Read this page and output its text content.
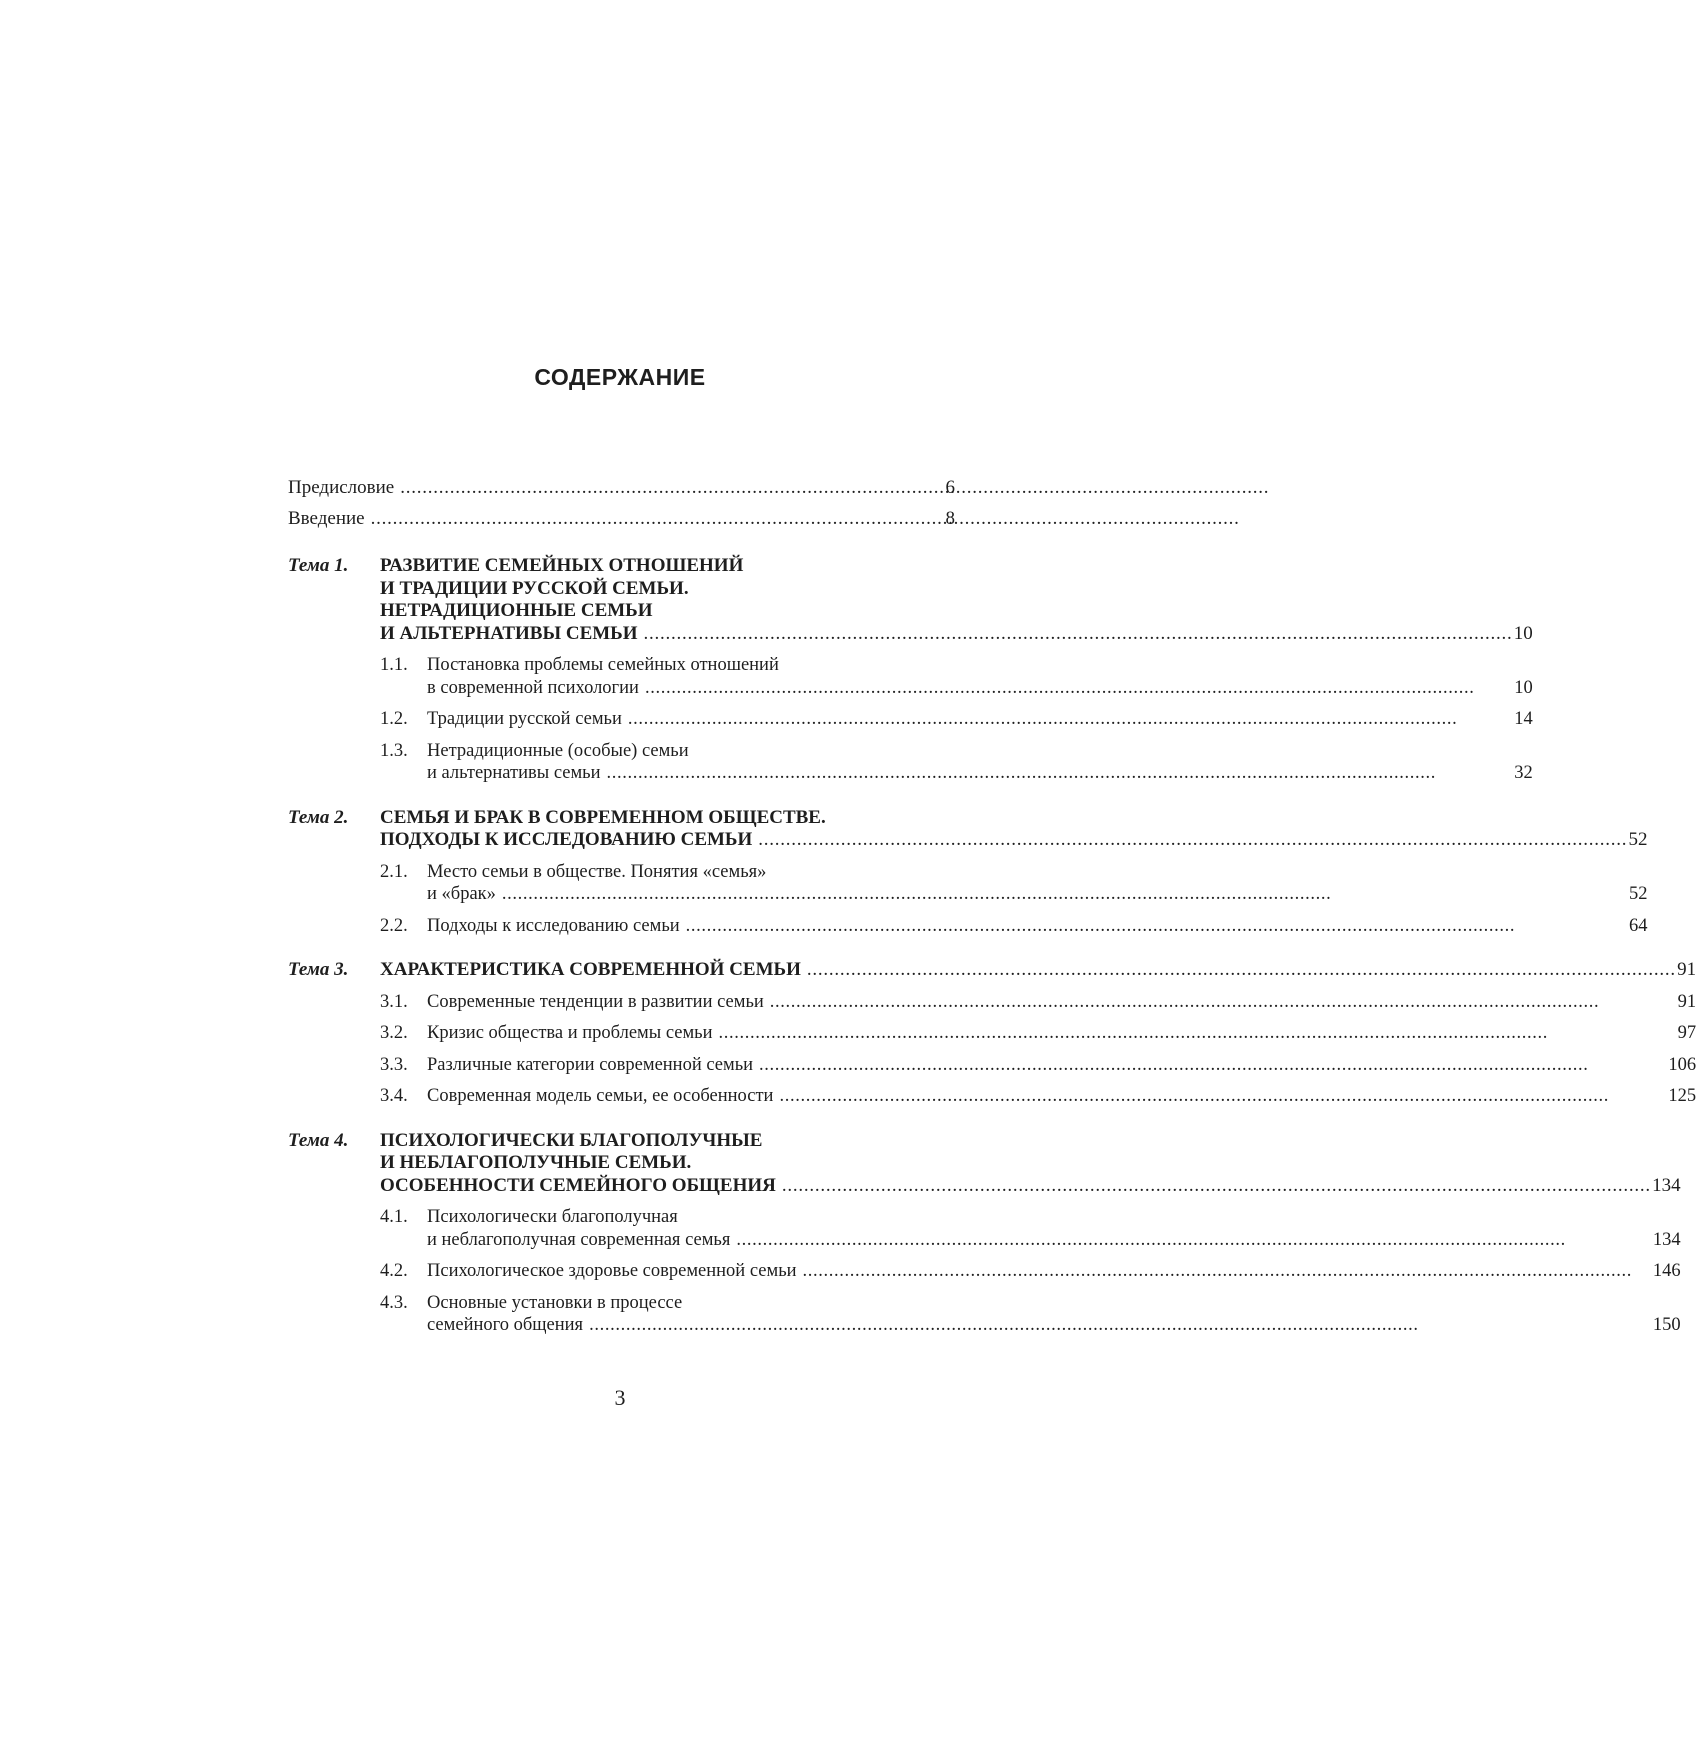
СОДЕРЖАНИЕ
Предисловие . . .	6
Введение . . .	8
Тема 1.	РАЗВИТИЕ СЕМЕЙНЫХ ОТНОШЕНИЙ
И ТРАДИЦИИ РУССКОЙ СЕМЬИ.
НЕТРАДИЦИОННЫЕ СЕМЬИ
И АЛЬТЕРНАТИВЫ СЕМЬИ . . .	10
1.1.	Постановка проблемы семейных отношений
в современной психологии . . .	10
1.2.	Традиции русской семьи . . .	14
1.3.	Нетрадиционные (особые) семьи
и альтернативы семьи . . .	32
Тема 2.	СЕМЬЯ И БРАК В СОВРЕМЕННОМ ОБЩЕСТВЕ.
ПОДХОДЫ К ИССЛЕДОВАНИЮ СЕМЬИ . . .	52
2.1.	Место семьи в обществе. Понятия «семья»
и «брак» . . .	52
2.2.	Подходы к исследованию семьи . . .	64
Тема 3.	ХАРАКТЕРИСТИКА СОВРЕМЕННОЙ СЕМЬИ . . .	91
3.1.	Современные тенденции в развитии семьи . . .	91
3.2.	Кризис общества и проблемы семьи . . .	97
3.3.	Различные категории современной семьи . . .	106
3.4.	Современная модель семьи, ее особенности . . .	125
Тема 4.	ПСИХОЛОГИЧЕСКИ БЛАГОПОЛУЧНЫЕ
И НЕБЛАГОПОЛУЧНЫЕ СЕМЬИ.
ОСОБЕННОСТИ СЕМЕЙНОГО ОБЩЕНИЯ . . .	134
4.1.	Психологически благополучная
и неблагополучная современная семья . . .	134
4.2.	Психологическое здоровье современной семьи . . .	146
4.3.	Основные установки в процессе
семейного общения . . .	150
3
